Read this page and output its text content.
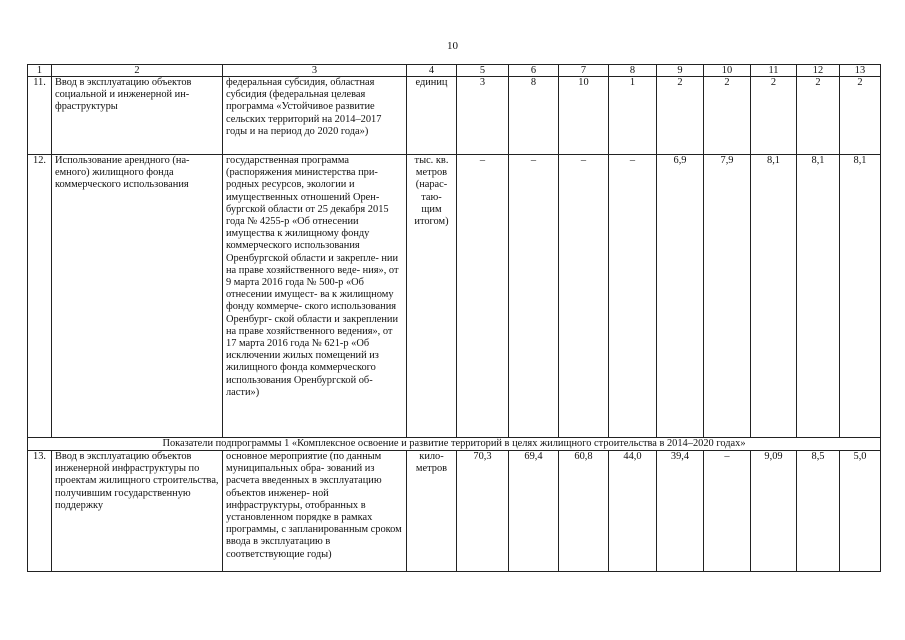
10
1	2	3	4	5	6	7	8	9	10	11	12	13
11.	Ввод в эксплуатацию объектов социальной и инженерной ин- фраструктуры	федеральная субсидия, областная субсидия (федеральная целевая программа «Устойчивое развитие сельских территорий на 2014–2017 годы и на период до 2020 года»)	единиц	3	8	10	1	2	2	2	2	2
12.	Использование арендного (на- емного) жилищного фонда коммерческого использования	государственная программа (распоряжения министерства при- родных ресурсов, экологии и имущественных отношений Орен- бургской области от 25 декабря 2015 года № 4255-р «Об отнесении имущества к жилищному фонду коммерческого использования Оренбургской области и закрепле- нии на праве хозяйственного веде- ния», от 9 марта 2016 года № 500-р «Об отнесении имущест- ва к жилищному фонду коммерче- ского использования Оренбург- ской области и закреплении на праве хозяйственного ведения», от 17 марта 2016 года № 621-р «Об исключении жилых помещений из жилищного фонда коммерческого использования Оренбургской об- ласти»)	тыс. кв. метров (нарас- таю- щим итогом)	–	–	–	–	6,9	7,9	8,1	8,1	8,1
Показатели подпрограммы 1 «Комплексное освоение и развитие территорий в целях жилищного строительства в 2014–2020 годах»												
13.	Ввод в эксплуатацию объектов инженерной инфраструктуры по проектам жилищного строительства, получившим государственную поддержку	основное мероприятие (по данным муниципальных обра- зований из расчета введенных в эксплуатацию объектов инженер- ной инфраструктуры, отобранных в установленном порядке в рамках программы, с запланированным сроком ввода в эксплуатацию в соответствующие годы)	кило- метров	70,3	69,4	60,8	44,0	39,4	–	9,09	8,5	5,0
